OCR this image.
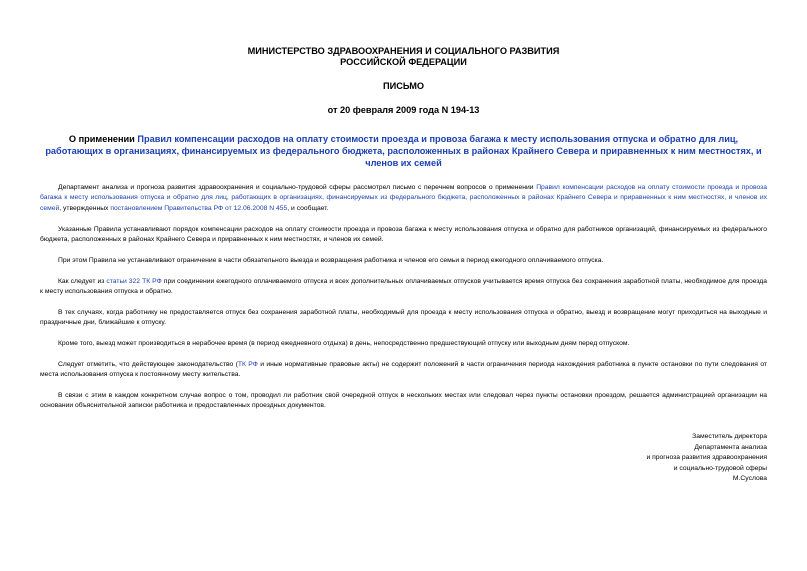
МИНИСТЕРСТВО ЗДРАВООХРАНЕНИЯ И СОЦИАЛЬНОГО РАЗВИТИЯ
РОССИЙСКОЙ ФЕДЕРАЦИИ
ПИСЬМО
от 20 февраля 2009 года N 194-13
О применении Правил компенсации расходов на оплату стоимости проезда и провоза багажа к месту использования отпуска и обратно для лиц, работающих в организациях, финансируемых из федерального бюджета, расположенных в районах Крайнего Севера и приравненных к ним местностях, и членов их семей

Департамент анализа и прогноза развития здравоохранения и социально-трудовой сферы рассмотрел письмо с перечнем вопросов о применении Правил компенсации расходов на оплату стоимости проезда и провоза багажа к месту использования отпуска и обратно для лиц, работающих в организациях, финансируемых из федерального бюджета, расположенных в районах Крайнего Севера и приравненных к ним местностях, и членов их семей, утвержденных постановлением Правительства РФ от 12.06.2008 N 455, и сообщает.

Указанные Правила устанавливают порядок компенсации расходов на оплату стоимости проезда и провоза багажа к месту использования отпуска и обратно для работников организаций, финансируемых из федерального бюджета, расположенных в районах Крайнего Севера и приравненных к ним местностях, и членов их семей.

При этом Правила не устанавливают ограничение в части обязательного выезда и возвращения работника и членов его семьи в период ежегодного оплачиваемого отпуска.

Как следует из статьи 322 ТК РФ при соединении ежегодного оплачиваемого отпуска и всех дополнительных оплачиваемых отпусков учитывается время отпуска без сохранения заработной платы, необходимое для проезда к месту использования отпуска и обратно.

В тех случаях, когда работнику не предоставляется отпуск без сохранения заработной платы, необходимый для проезда к месту использования отпуска и обратно, выезд и возвращение могут приходиться на выходные и праздничные дни, ближайшие к отпуску.

Кроме того, выезд может производиться в нерабочее время (в период ежедневного отдыха) в день, непосредственно предшествующий отпуску или выходным дням перед отпуском.

Следует отметить, что действующее законодательство (ТК РФ и иные нормативные правовые акты) не содержит положений в части ограничения периода нахождения работника в пункте остановки по пути следования от места использования отпуска к постоянному месту жительства.

В связи с этим в каждом конкретном случае вопрос о том, проводил ли работник свой очередной отпуск в нескольких местах или следовал через пункты остановки проездом, решается администрацией организации на основании объяснительной записки работника и предоставленных проездных документов.

Заместитель директора
Департамента анализа
и прогноза развития здравоохранения
и социально-трудовой сферы
М.Суслова
